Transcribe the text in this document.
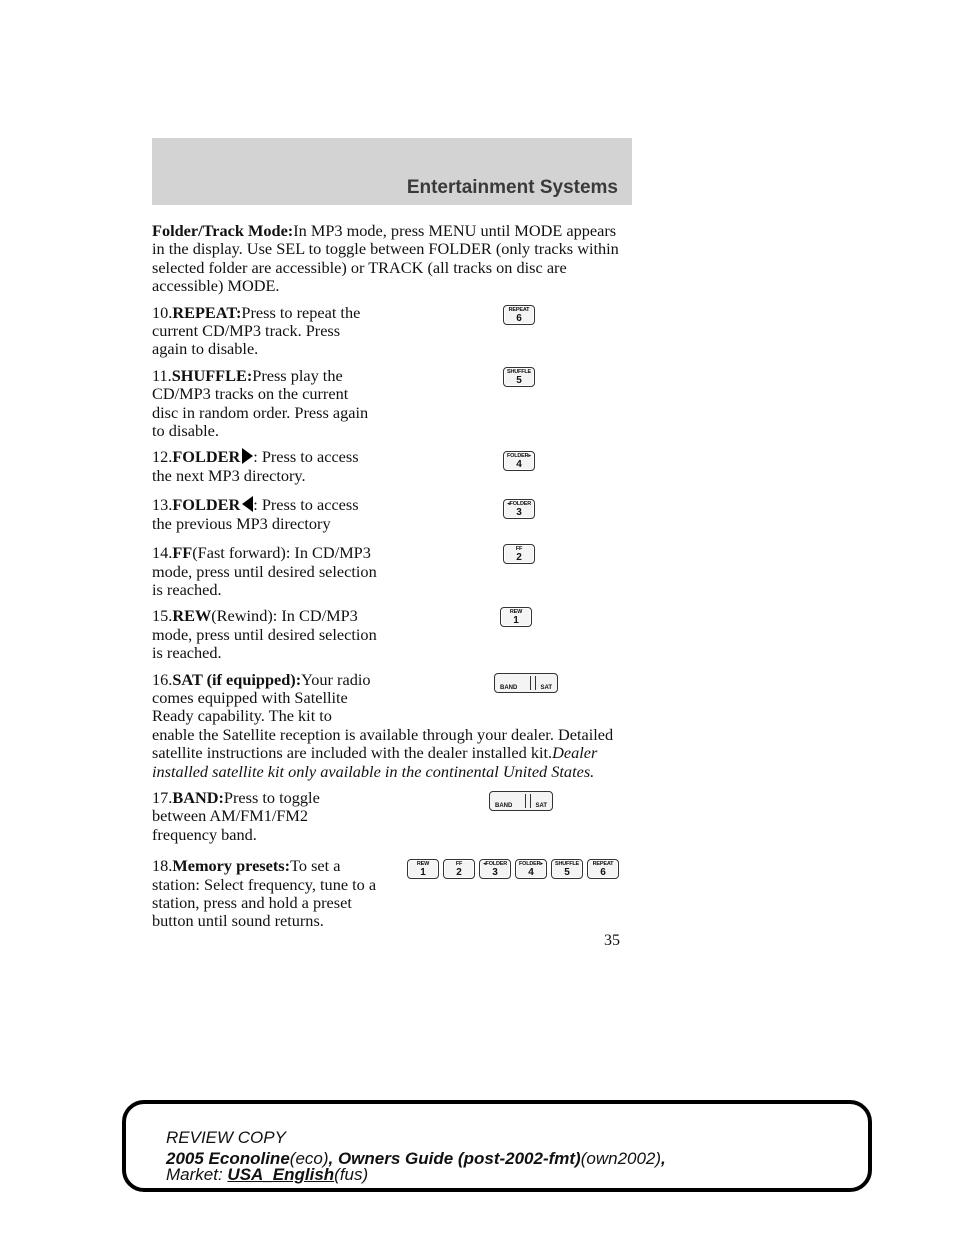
Entertainment Systems

Folder/Track Mode:In MP3 mode, press MENU until MODE appears in the display. Use SEL to toggle between FOLDER (only tracks within selected folder are accessible) or TRACK (all tracks on disc are accessible) MODE.

10.REPEAT:Press to repeat the current CD/MP3 track. Press again to disable.

REPEAT
6

11.SHUFFLE:Press play the CD/MP3 tracks on the current disc in random order. Press again to disable.

SHUFFLE
5

12.FOLDER : Press to access the next MP3 directory.

FOLDER▸
4

13.FOLDER : Press to access the previous MP3 directory

◂FOLDER
3

14.FF(Fast forward): In CD/MP3 mode, press until desired selection is reached.

FF
2

15.REW(Rewind): In CD/MP3 mode, press until desired selection is reached.

REW
1

16.SAT (if equipped):Your radio comes equipped with Satellite Ready capability. The kit to enable the Satellite reception is available through your dealer. Detailed satellite instructions are included with the dealer installed kit.Dealer installed satellite kit only available in the continental United States.

BAND	SAT

17.BAND:Press to toggle between AM/FM1/FM2 frequency band.

BAND	SAT

18.Memory presets:To set a station: Select frequency, tune to a station, press and hold a preset button until sound returns.

REW
1
FF
2
◂FOLDER
3
FOLDER▸
4
SHUFFLE
5
REPEAT
6
35
REVIEW COPY
2005 Econoline(eco), Owners Guide (post-2002-fmt)(own2002),
Market: USA_English(fus)
